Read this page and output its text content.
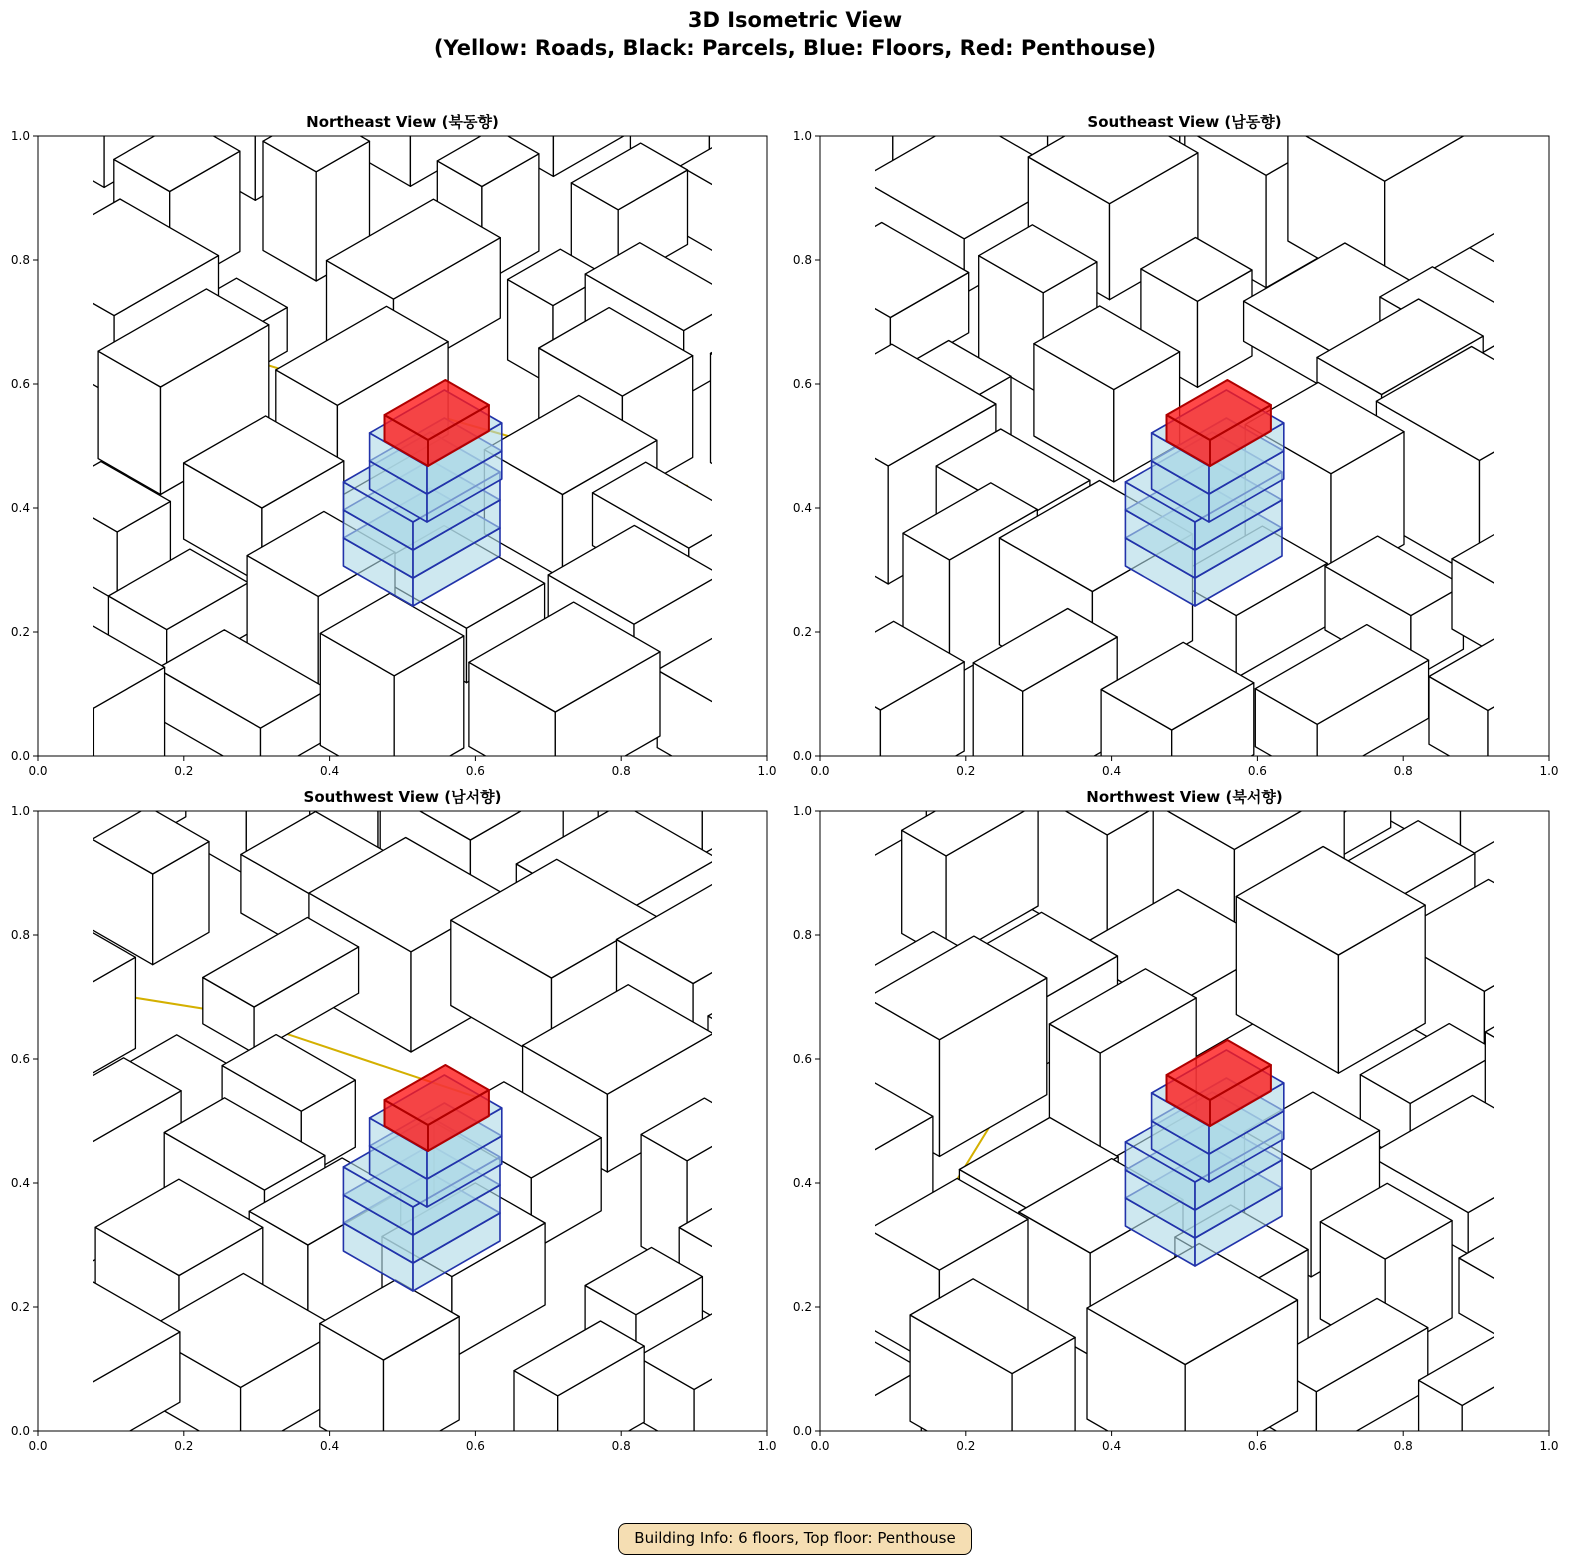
3D Isometric View
(Yellow: Roads, Black: Parcels, Blue: Floors, Red: Penthouse)
Northeast View (북동향)
0.0	0.2	0.4	0.6	0.8	1.0
0.0
0.2
0.4
0.6
0.8
1.0
Southeast View (남동향)
0.0	0.2	0.4	0.6	0.8	1.0
0.0
0.2
0.4
0.6
0.8
1.0
Southwest View (남서향)
0.0	0.2	0.4	0.6	0.8	1.0
0.0
0.2
0.4
0.6
0.8
1.0
Northwest View (북서향)
0.0	0.2	0.4	0.6	0.8	1.0
0.0
0.2
0.4
0.6
0.8
1.0
Building Info: 6 floors, Top floor: Penthouse
